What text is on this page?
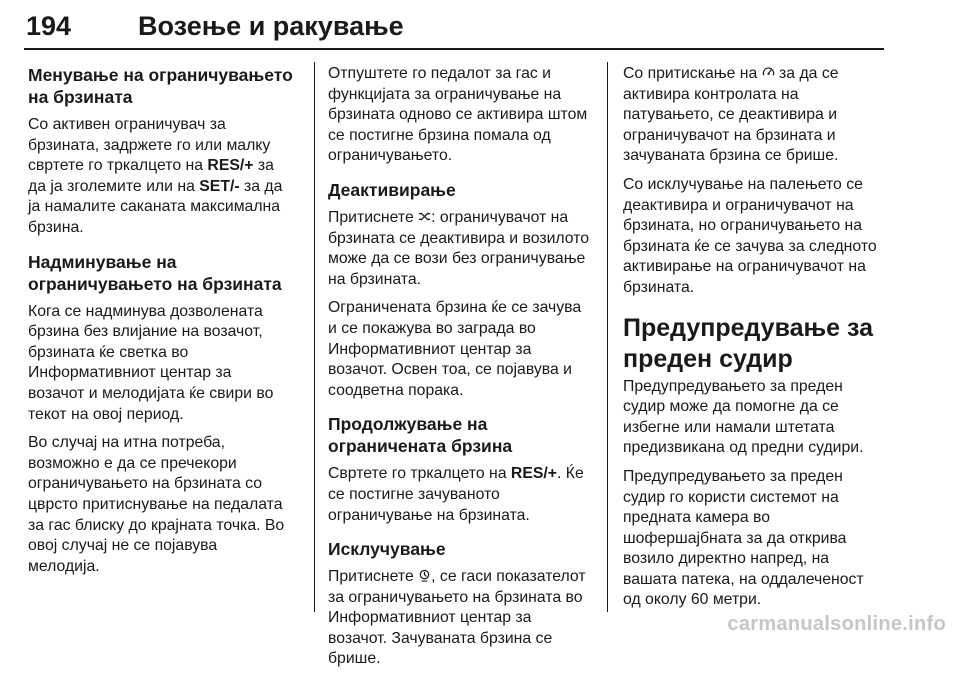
194 Возење и ракување
Менување на ограничувањето
на брзината

Со активен ограничувач за
брзината, задржете го или малку
свртете го тркалцето на RES/+ за
да ја зголемите или на SET/- за да
ја намалите саканата максимална
брзина.

Надминување на
ограничувањето на брзината

Кога се надминува дозволената
брзина без влијание на возачот,
брзината ќе светка во
Информативниот центар за
возачот и мелодијата ќе свири во
текот на овој период.

Во случај на итна потреба,
возможно е да се пречекори
ограничувањето на брзината со
цврсто притиснување на педалата
за гас блиску до крајната точка. Во
овој случај не се појавува
мелодија.

Отпуштете го педалот за гас и
функцијата за ограничување на
брзината одново се активира штом
се постигне брзина помала од
ограничувањето.

Деактивирање

Притиснете : ограничувачот на
брзината се деактивира и возилото
може да се вози без ограничување
на брзината.

Ограничената брзина ќе се зачува
и се покажува во заграда во
Информативниот центар за
возачот. Освен тоа, се појавува и
соодветна порака.

Продолжување на
ограничената брзина

Свртете го тркалцето на RES/+. Ќе
се постигне зачуваното
ограничување на брзината.

Исклучување

Притиснете , се гаси показателот
за ограничувањето на брзината во
Информативниот центар за
возачот. Зачуваната брзина се
брише.

Со притискање на  за да се
активира контролата на
патувањето, се деактивира и
ограничувачот на брзината и
зачуваната брзина се брише.

Со исклучување на палењето се
деактивира и ограничувачот на
брзината, но ограничувањето на
брзината ќе се зачува за следното
активирање на ограничувачот на
брзината.

Предупредување за
преден судир

Предупредувањето за преден
судир може да помогне да се
избегне или намали штетата
предизвикана од предни судири.

Предупредувањето за преден
судир го користи системот на
предната камера во
шофершајбната за да открива
возило директно напред, на
вашата патека, на оддалеченост
од околу 60 метри.

carmanualsonline.info
